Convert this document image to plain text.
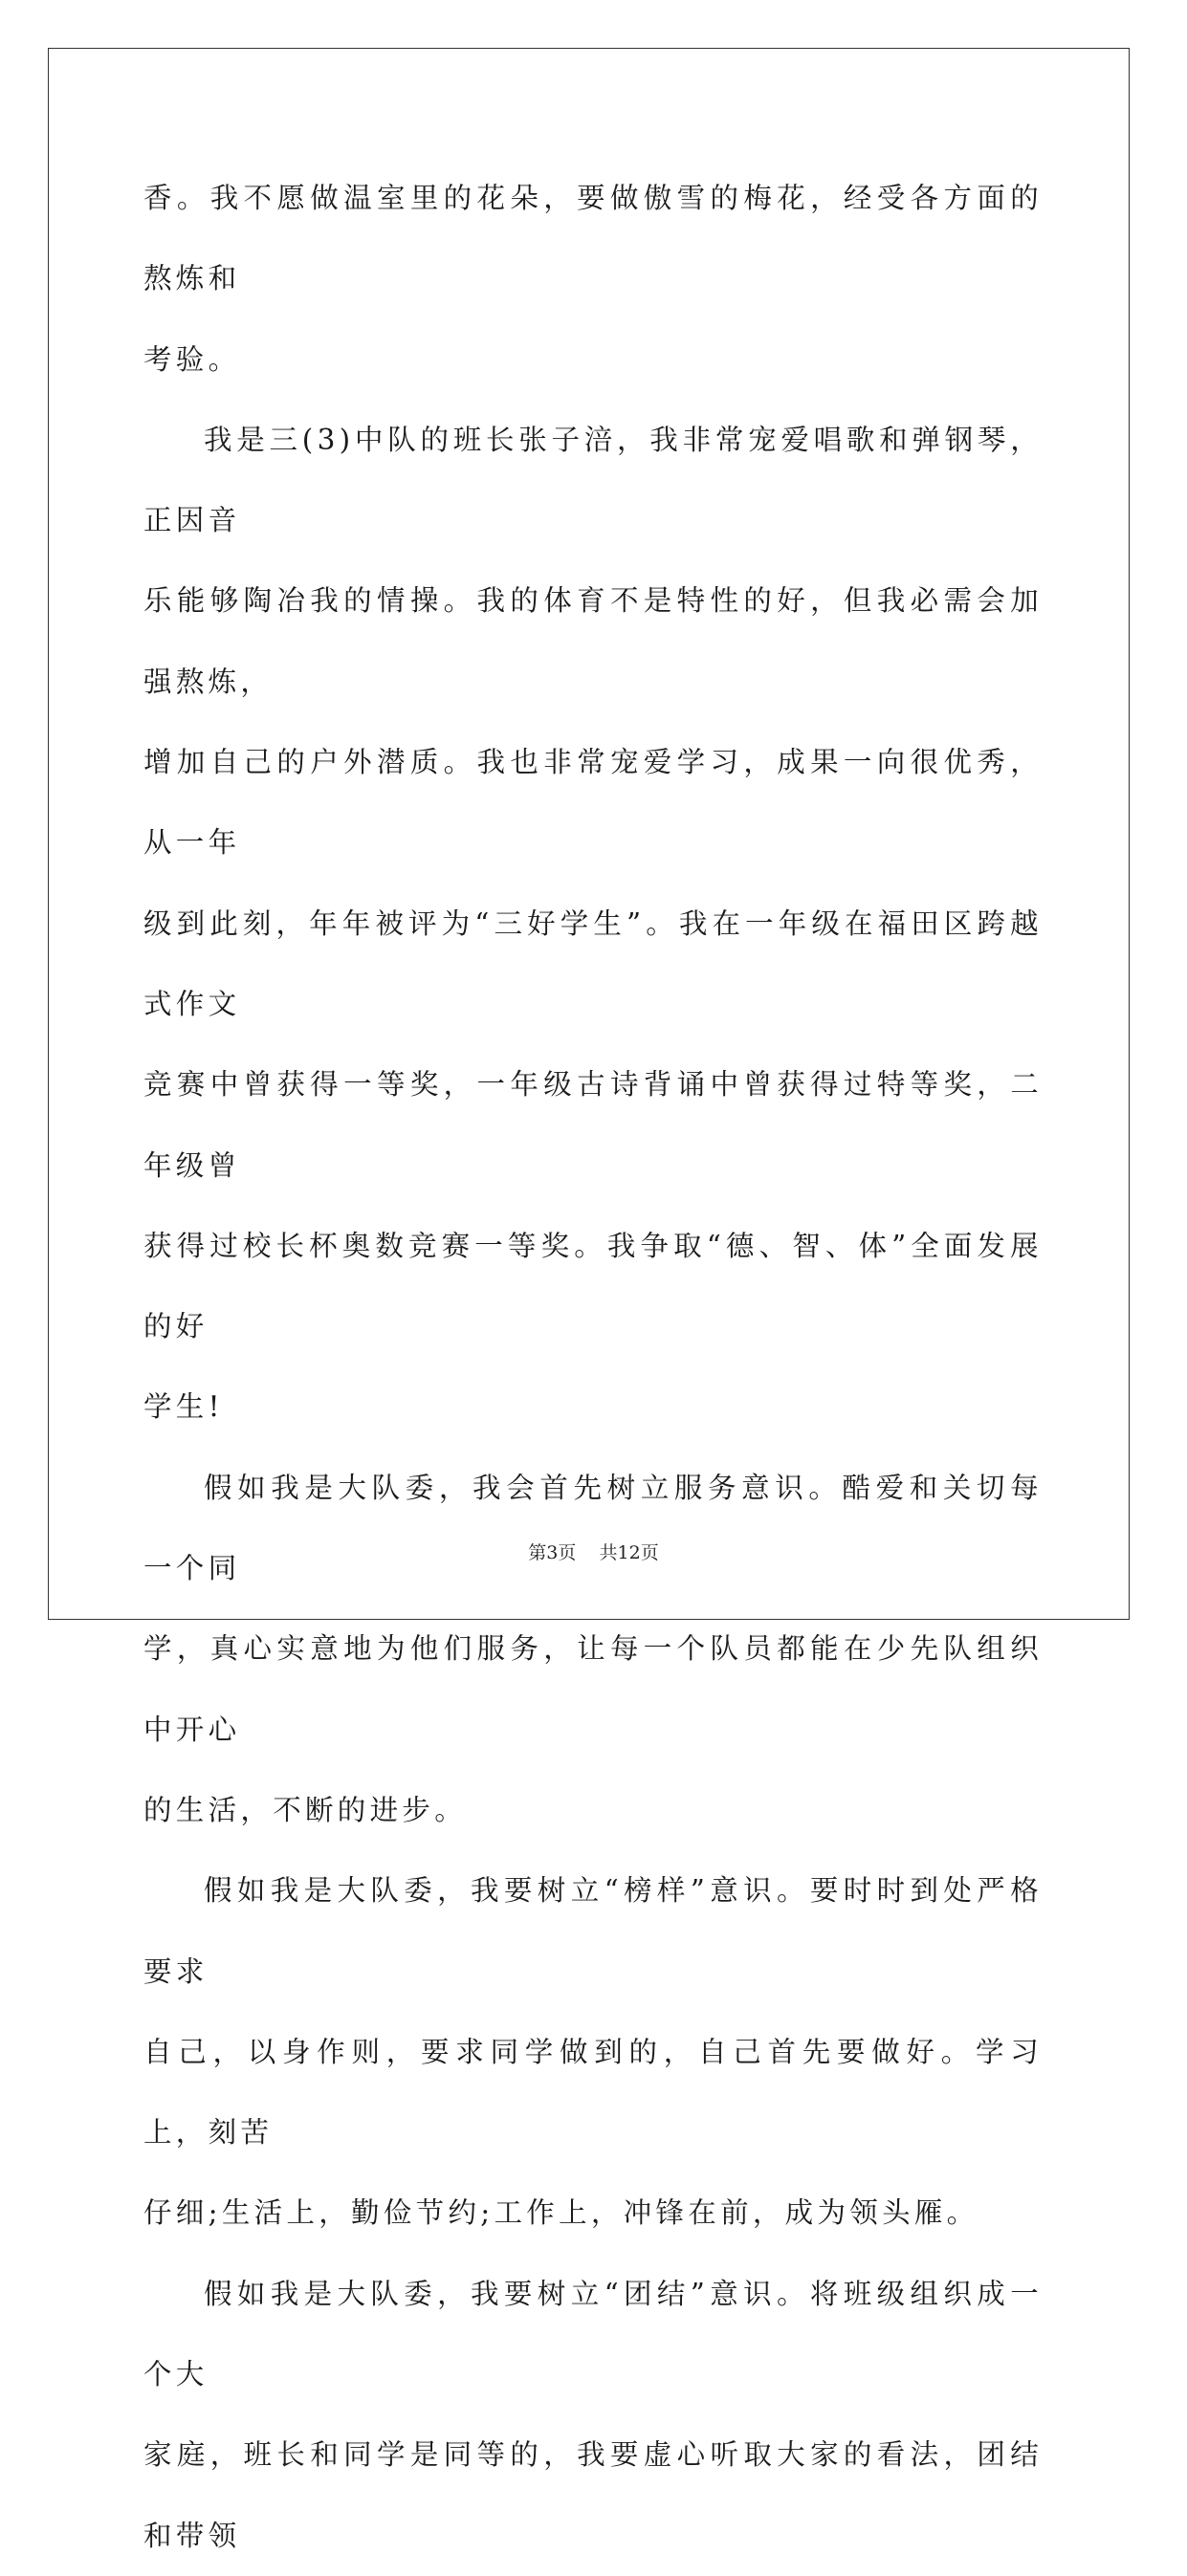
香。我不愿做温室里的花朵，要做傲雪的梅花，经受各方面的熬炼和
考验。

我是三(3)中队的班长张子涪，我非常宠爱唱歌和弹钢琴，正因音
乐能够陶冶我的情操。我的体育不是特性的好，但我必需会加强熬炼，
增加自己的户外潜质。我也非常宠爱学习，成果一向很优秀，从一年
级到此刻，年年被评为“三好学生”。我在一年级在福田区跨越式作文
竞赛中曾获得一等奖，一年级古诗背诵中曾获得过特等奖，二年级曾
获得过校长杯奥数竞赛一等奖。我争取“德、智、体”全面发展的好
学生!

假如我是大队委，我会首先树立服务意识。酷爱和关切每一个同
学，真心实意地为他们服务，让每一个队员都能在少先队组织中开心
的生活，不断的进步。

假如我是大队委，我要树立“榜样”意识。要时时到处严格要求
自己，以身作则，要求同学做到的，自己首先要做好。学习上，刻苦
仔细;生活上，勤俭节约;工作上，冲锋在前，成为领头雁。

假如我是大队委，我要树立“团结”意识。将班级组织成一个大
家庭，班长和同学是同等的，我要虚心听取大家的看法，团结和带领

第3页    共12页
